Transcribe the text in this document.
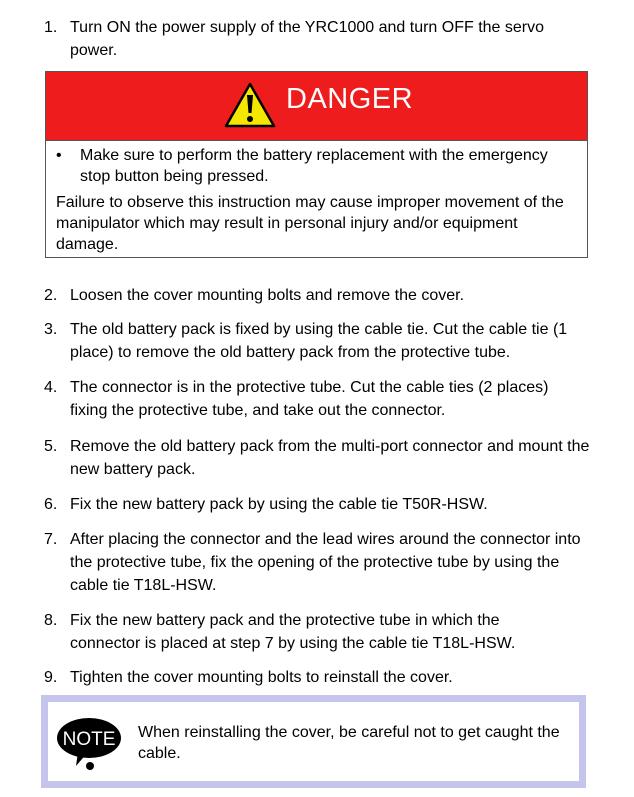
1. Turn ON the power supply of the YRC1000 and turn OFF the servo power.
DANGER
• Make sure to perform the battery replacement with the emergency stop button being pressed.
Failure to observe this instruction may cause improper movement of the manipulator which may result in personal injury and/or equipment damage.
2. Loosen the cover mounting bolts and remove the cover.
3. The old battery pack is fixed by using the cable tie. Cut the cable tie (1 place) to remove the old battery pack from the protective tube.
4. The connector is in the protective tube. Cut the cable ties (2 places) fixing the protective tube, and take out the connector.
5. Remove the old battery pack from the multi-port connector and mount the new battery pack.
6. Fix the new battery pack by using the cable tie T50R-HSW.
7. After placing the connector and the lead wires around the connector into the protective tube, fix the opening of the protective tube by using the cable tie T18L-HSW.
8. Fix the new battery pack and the protective tube in which the connector is placed at step 7 by using the cable tie T18L-HSW.
9. Tighten the cover mounting bolts to reinstall the cover.
NOTE When reinstalling the cover, be careful not to get caught the cable.
